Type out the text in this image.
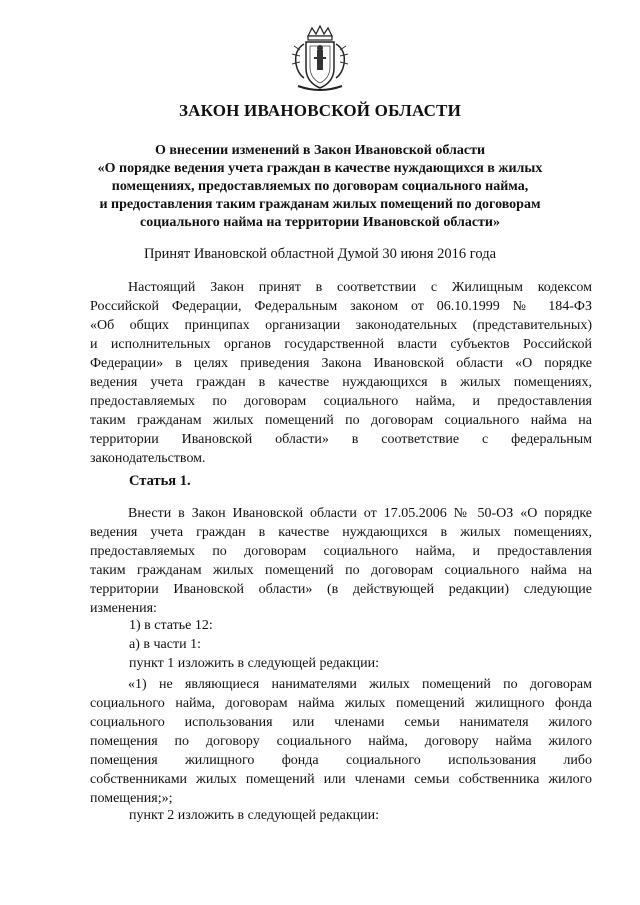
ЗАКОН ИВАНОВСКОЙ ОБЛАСТИ
О внесении изменений в Закон Ивановской области
«О порядке ведения учета граждан в качестве нуждающихся в жилых
помещениях, предоставляемых по договорам социального найма,
и предоставления таким гражданам жилых помещений по договорам
социального найма на территории Ивановской области»
Принят Ивановской областной Думой 30 июня 2016 года
Настоящий Закон принят в соответствии с Жилищным кодексом
Российской Федерации, Федеральным законом от 06.10.1999 № 184-ФЗ
«Об общих принципах организации законодательных (представительных)
и исполнительных органов государственной власти субъектов Российской
Федерации» в целях приведения Закона Ивановской области «О порядке
ведения учета граждан в качестве нуждающихся в жилых помещениях,
предоставляемых по договорам социального найма, и предоставления
таким гражданам жилых помещений по договорам социального найма на
территории Ивановской области» в соответствие с федеральным
законодательством.
Статья 1.
Внести в Закон Ивановской области от 17.05.2006 № 50-ОЗ «О порядке
ведения учета граждан в качестве нуждающихся в жилых помещениях,
предоставляемых по договорам социального найма, и предоставления
таким гражданам жилых помещений по договорам социального найма на
территории Ивановской области» (в действующей редакции) следующие
изменения:
1) в статье 12:
а) в части 1:
пункт 1 изложить в следующей редакции:
«1) не являющиеся нанимателями жилых помещений по договорам
социального найма, договорам найма жилых помещений жилищного фонда
социального использования или членами семьи нанимателя жилого
помещения по договору социального найма, договору найма жилого
помещения жилищного фонда социального использования либо
собственниками жилых помещений или членами семьи собственника жилого
помещения;»;
пункт 2 изложить в следующей редакции:
